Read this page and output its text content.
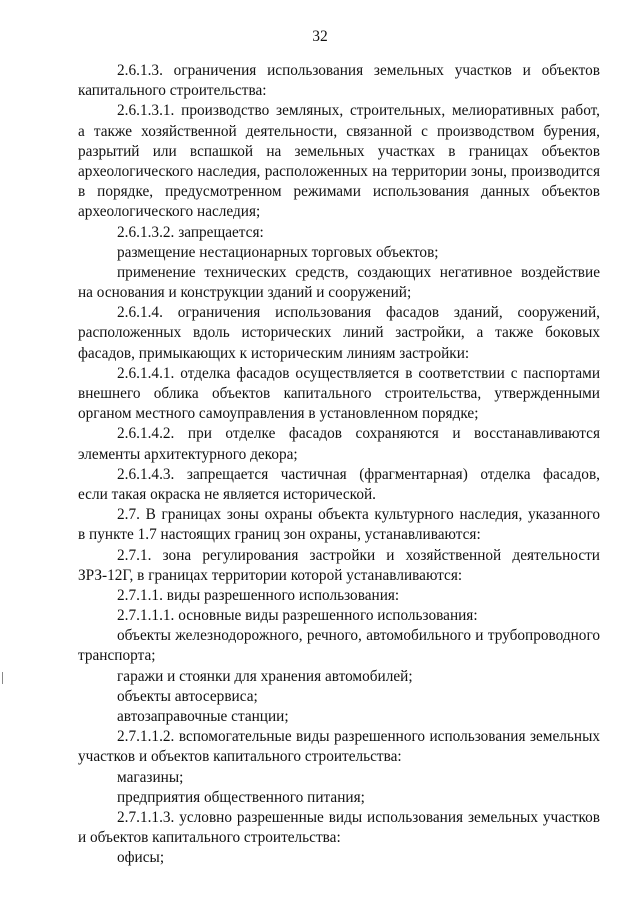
32
2.6.1.3. ограничения использования земельных участков и объектов
капитального строительства:
2.6.1.3.1. производство земляных, строительных, мелиоративных работ,
а также хозяйственной деятельности, связанной с производством бурения,
разрытий или вспашкой на земельных участках в границах объектов
археологического наследия, расположенных на территории зоны, производится
в порядке, предусмотренном режимами использования данных объектов
археологического наследия;
2.6.1.3.2. запрещается:
размещение нестационарных торговых объектов;
применение технических средств, создающих негативное воздействие
на основания и конструкции зданий и сооружений;
2.6.1.4. ограничения использования фасадов зданий, сооружений,
расположенных вдоль исторических линий застройки, а также боковых
фасадов, примыкающих к историческим линиям застройки:
2.6.1.4.1. отделка фасадов осуществляется в соответствии с паспортами
внешнего облика объектов капитального строительства, утвержденными
органом местного самоуправления в установленном порядке;
2.6.1.4.2. при отделке фасадов сохраняются и восстанавливаются
элементы архитектурного декора;
2.6.1.4.3. запрещается частичная (фрагментарная) отделка фасадов,
если такая окраска не является исторической.
2.7. В границах зоны охраны объекта культурного наследия, указанного
в пункте 1.7 настоящих границ зон охраны, устанавливаются:
2.7.1. зона регулирования застройки и хозяйственной деятельности
ЗРЗ-12Г, в границах территории которой устанавливаются:
2.7.1.1. виды разрешенного использования:
2.7.1.1.1. основные виды разрешенного использования:
объекты железнодорожного, речного, автомобильного и трубопроводного
транспорта;
гаражи и стоянки для хранения автомобилей;
объекты автосервиса;
автозаправочные станции;
2.7.1.1.2. вспомогательные виды разрешенного использования земельных
участков и объектов капитального строительства:
магазины;
предприятия общественного питания;
2.7.1.1.3. условно разрешенные виды использования земельных участков
и объектов капитального строительства:
офисы;
